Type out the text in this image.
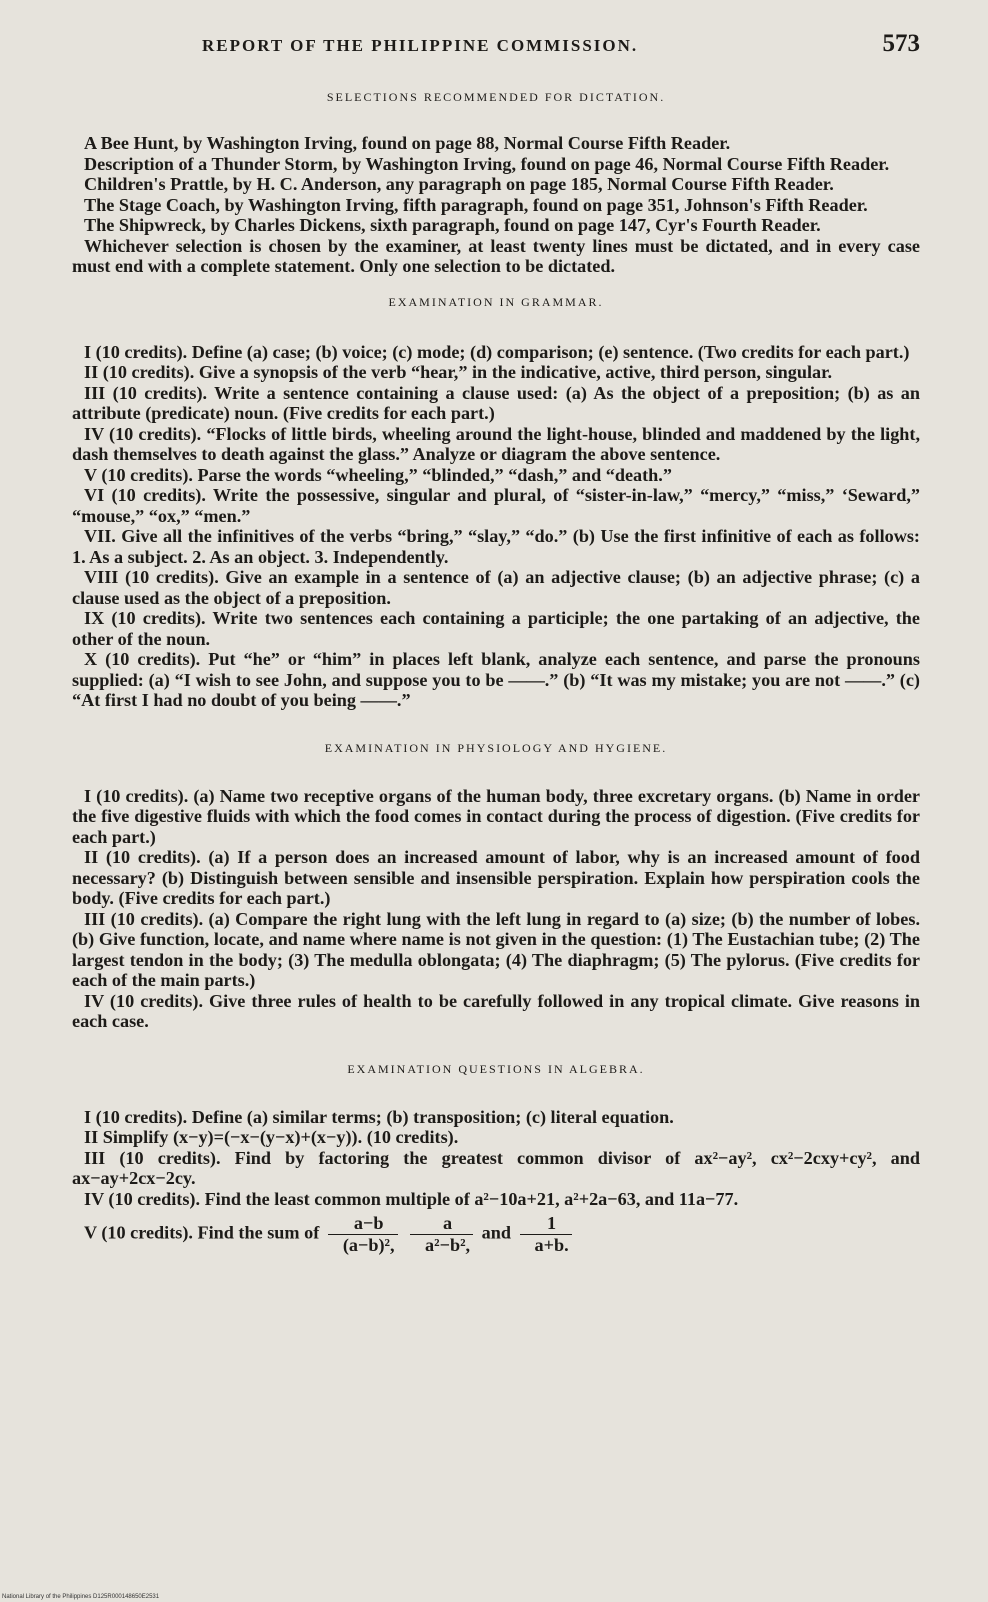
REPORT OF THE PHILIPPINE COMMISSION.	573
SELECTIONS RECOMMENDED FOR DICTATION.

A Bee Hunt, by Washington Irving, found on page 88, Normal Course Fifth Reader.

Description of a Thunder Storm, by Washington Irving, found on page 46, Normal Course Fifth Reader.

Children's Prattle, by H. C. Anderson, any paragraph on page 185, Normal Course Fifth Reader.

The Stage Coach, by Washington Irving, fifth paragraph, found on page 351, Johnson's Fifth Reader.

The Shipwreck, by Charles Dickens, sixth paragraph, found on page 147, Cyr's Fourth Reader.

Whichever selection is chosen by the examiner, at least twenty lines must be dictated, and in every case must end with a complete statement. Only one selection to be dictated.

EXAMINATION IN GRAMMAR.

I (10 credits). Define (a) case; (b) voice; (c) mode; (d) comparison; (e) sentence. (Two credits for each part.)

II (10 credits). Give a synopsis of the verb “hear,” in the indicative, active, third person, singular.

III (10 credits). Write a sentence containing a clause used: (a) As the object of a preposition; (b) as an attribute (predicate) noun. (Five credits for each part.)

IV (10 credits). “Flocks of little birds, wheeling around the light-house, blinded and maddened by the light, dash themselves to death against the glass.” Analyze or diagram the above sentence.

V (10 credits). Parse the words “wheeling,” “blinded,” “dash,” and “death.”

VI (10 credits). Write the possessive, singular and plural, of “sister-in-law,” “mercy,” “miss,” ‘Seward,” “mouse,” “ox,” “men.”

VII. Give all the infinitives of the verbs “bring,” “slay,” “do.” (b) Use the first infinitive of each as follows: 1. As a subject. 2. As an object. 3. Independently.

VIII (10 credits). Give an example in a sentence of (a) an adjective clause; (b) an adjective phrase; (c) a clause used as the object of a preposition.

IX (10 credits). Write two sentences each containing a participle; the one partaking of an adjective, the other of the noun.

X (10 credits). Put “he” or “him” in places left blank, analyze each sentence, and parse the pronouns supplied: (a) “I wish to see John, and suppose you to be ——.” (b) “It was my mistake; you are not ——.” (c) “At first I had no doubt of you being ——.”

EXAMINATION IN PHYSIOLOGY AND HYGIENE.

I (10 credits). (a) Name two receptive organs of the human body, three excretary organs. (b) Name in order the five digestive fluids with which the food comes in contact during the process of digestion. (Five credits for each part.)

II (10 credits). (a) If a person does an increased amount of labor, why is an increased amount of food necessary? (b) Distinguish between sensible and insensible perspiration. Explain how perspiration cools the body. (Five credits for each part.)

III (10 credits). (a) Compare the right lung with the left lung in regard to (a) size; (b) the number of lobes. (b) Give function, locate, and name where name is not given in the question: (1) The Eustachian tube; (2) The largest tendon in the body; (3) The medulla oblongata; (4) The diaphragm; (5) The pylorus. (Five credits for each of the main parts.)

IV (10 credits). Give three rules of health to be carefully followed in any tropical climate. Give reasons in each case.

EXAMINATION QUESTIONS IN ALGEBRA.

I (10 credits). Define (a) similar terms; (b) transposition; (c) literal equation.

II Simplify (x−y)=(−x−(y−x)+(x−y)). (10 credits).

III (10 credits). Find by factoring the greatest common divisor of ax²−ay², cx²−2cxy+cy², and ax−ay+2cx−2cy.

IV (10 credits). Find the least common multiple of a²−10a+21, a²+2a−63, and 11a−77.

V (10 credits). Find the sum of $\frac{a-b}{\text{(a−b)²,}}$
$\frac{a}{\text{a²−b²,}}$ and $\frac{1}{a+b.}$

National Library of the Philippines D125R000148650E2531
